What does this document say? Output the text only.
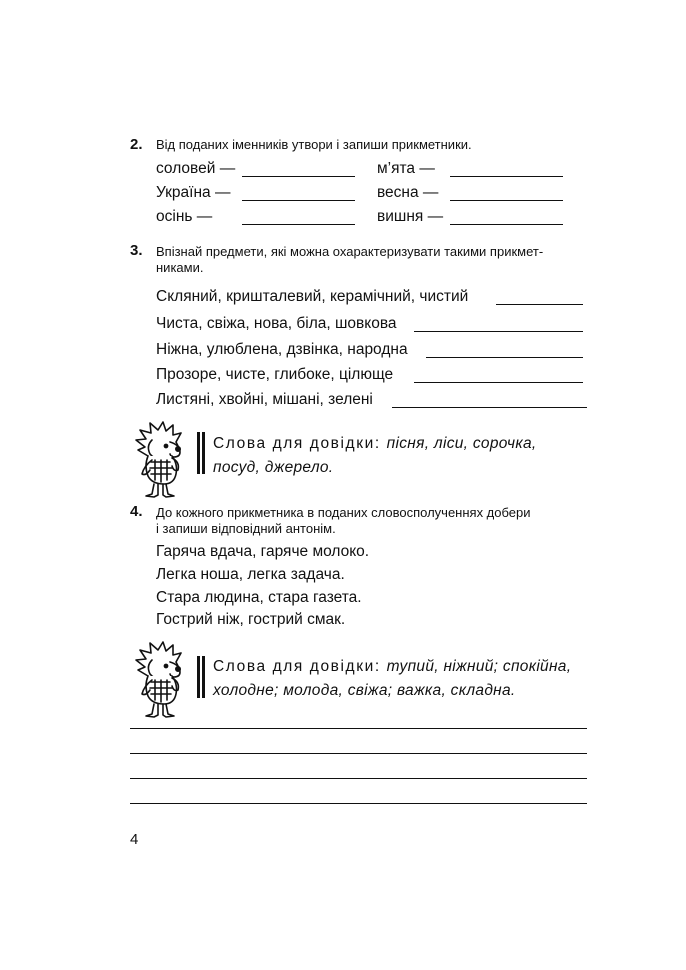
2. Від поданих іменників утвори і запиши прикметники.
соловей —	м’ята —
Україна —	весна —
осінь —	вишня —
3. Впізнай предмети, які можна охарактеризувати такими прикмет-
никами.
Скляний, кришталевий, керамічний, чистий
Чиста, свіжа, нова, біла, шовкова
Ніжна, улюблена, дзвінка, народна
Прозоре, чисте, глибоке, цілюще
Листяні, хвойні, мішані, зелені
Слова для довідки: пісня, ліси, сорочка,
посуд, джерело.
4. До кожного прикметника в поданих словосполученнях добери
і запиши відповідний антонім.
Гаряча вдача, гаряче молоко.
Легка ноша, легка задача.
Стара людина, стара газета.
Гострий ніж, гострий смак.
Слова для довідки: тупий, ніжний; спокійна,
холодне; молода, свіжа; важка, складна.
4
